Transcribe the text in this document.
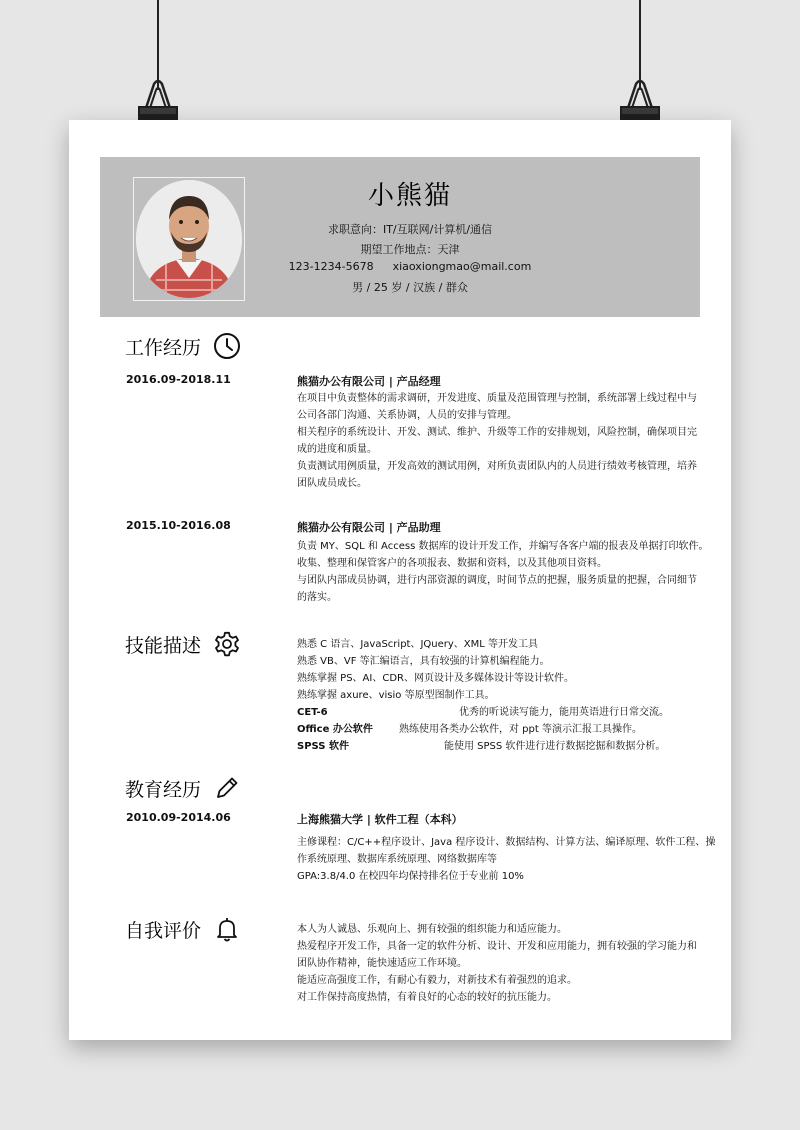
小熊猫
求职意向：IT/互联网/计算机/通信
期望工作地点：天津
123-1234-5678 xiaoxiongmao@mail.com
男 / 25 岁 / 汉族 / 群众
工作经历
2016.09-2018.11	熊猫办公有限公司 | 产品经理
在项目中负责整体的需求调研，开发进度、质量及范围管理与控制，系统部署上线过程中与
公司各部门沟通、关系协调，人员的安排与管理。
相关程序的系统设计、开发、测试、维护、升级等工作的安排规划，风险控制，确保项目完
成的进度和质量。
负责测试用例质量，开发高效的测试用例，对所负责团队内的人员进行绩效考核管理，培养
团队成员成长。
2015.10-2016.08	熊猫办公有限公司 | 产品助理
负责 MY、SQL 和 Access 数据库的设计开发工作，并编写各客户端的报表及单据打印软件。
收集、整理和保管客户的各项报表、数据和资料，以及其他项目资料。
与团队内部成员协调，进行内部资源的调度，时间节点的把握，服务质量的把握，合同细节
的落实。
技能描述	熟悉 C 语言、JavaScript、JQuery、XML 等开发工具
熟悉 VB、VF 等汇编语言，具有较强的计算机编程能力。
熟练掌握 PS、AI、CDR、网页设计及多媒体设计等设计软件。
熟练掌握 axure、visio 等原型图制作工具。
CET-6	优秀的听说读写能力，能用英语进行日常交流。
Office 办公软件	熟练使用各类办公软件，对 ppt 等演示汇报工具操作。
SPSS 软件	能使用 SPSS 软件进行进行数据挖掘和数据分析。
教育经历
2010.09-2014.06	上海熊猫大学 | 软件工程（本科）
主修课程：C/C++程序设计、Java 程序设计、数据结构、计算方法、编译原理、软件工程、操
作系统原理、数据库系统原理、网络数据库等
GPA:3.8/4.0 在校四年均保持排名位于专业前 10%
自我评价	本人为人诚恳、乐观向上、拥有较强的组织能力和适应能力。
热爱程序开发工作，具备一定的软件分析、设计、开发和应用能力，拥有较强的学习能力和
团队协作精神，能快速适应工作环境。
能适应高强度工作，有耐心有毅力，对新技术有着强烈的追求。
对工作保持高度热情，有着良好的心态的较好的抗压能力。
